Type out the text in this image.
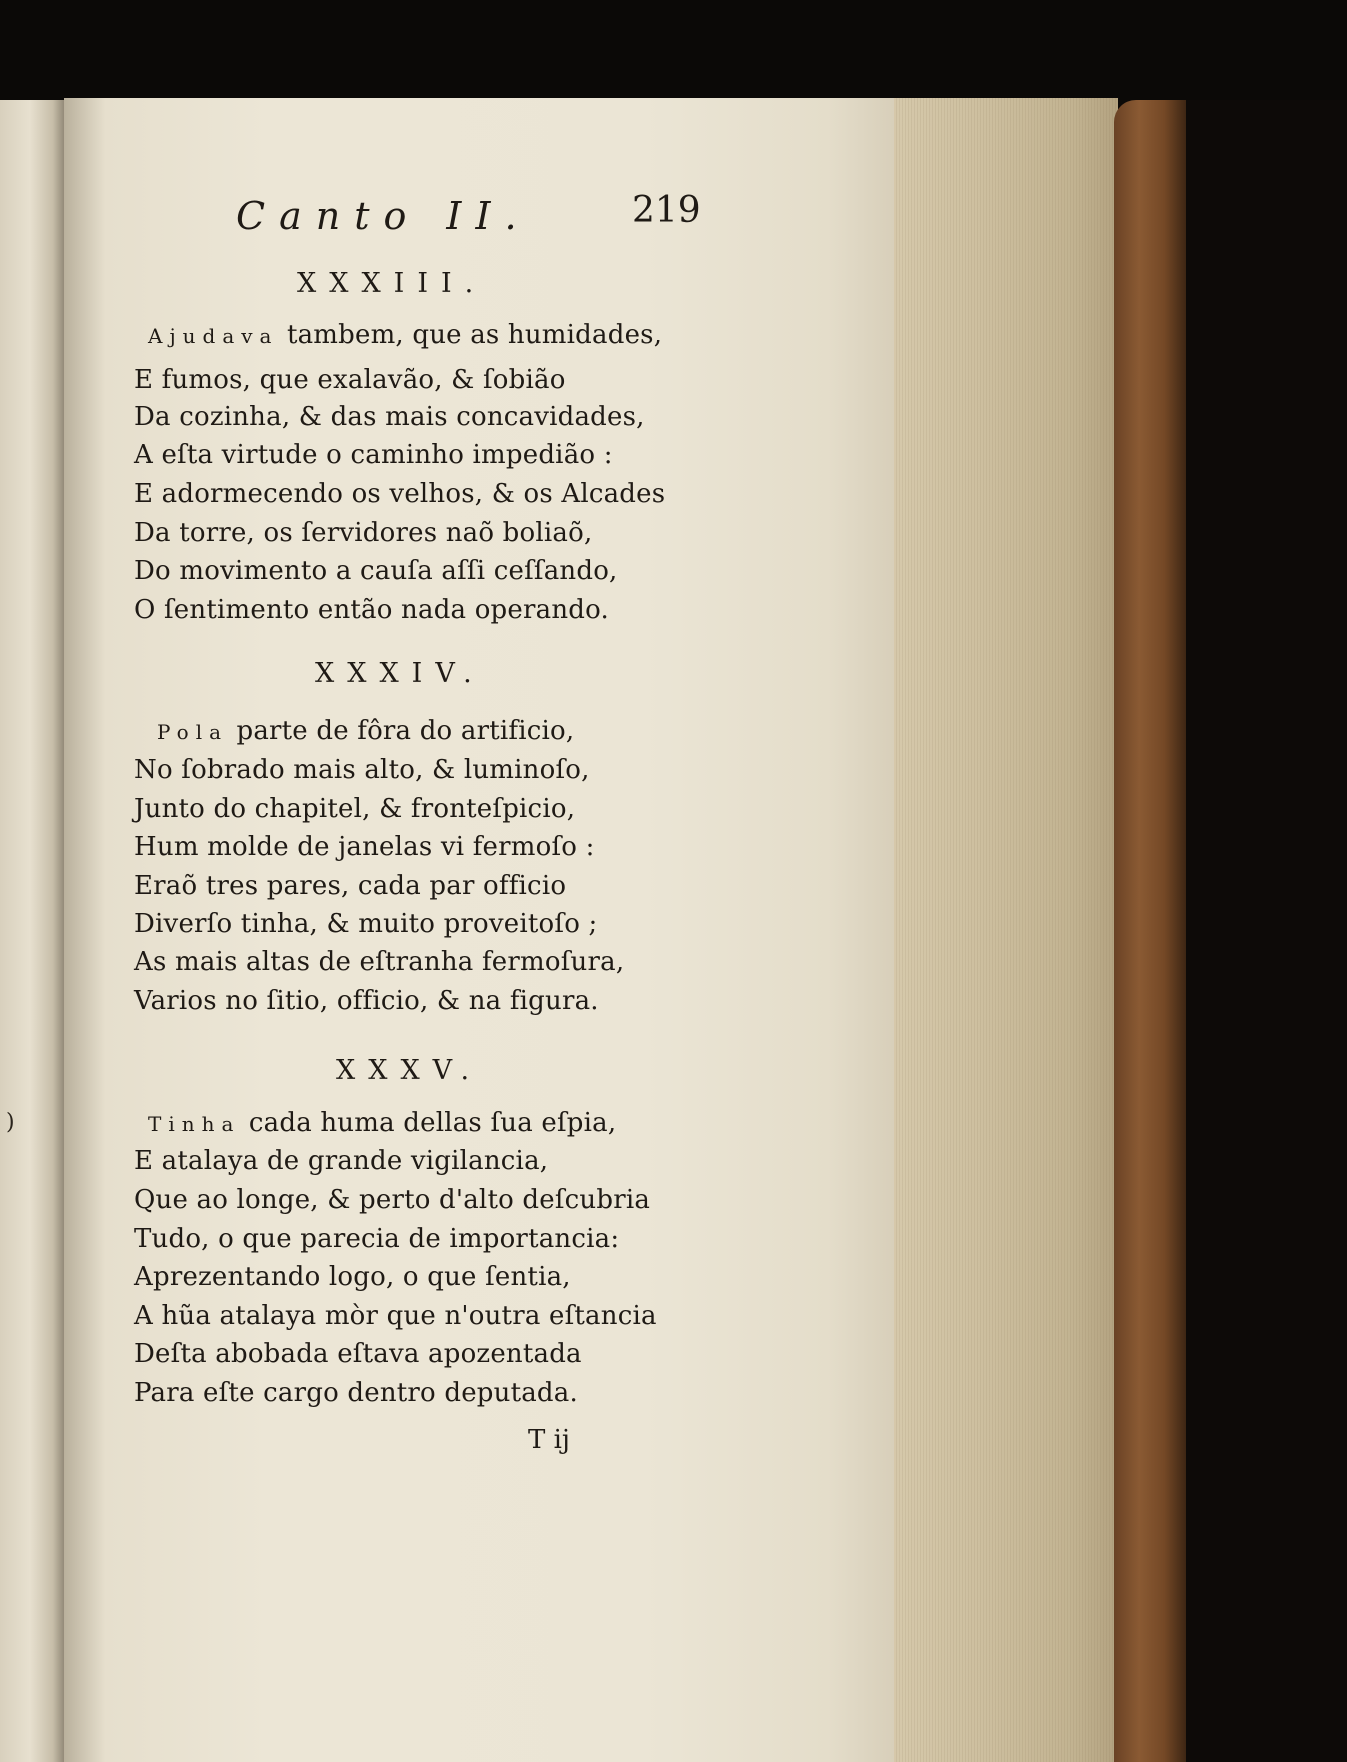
)
Canto II.	219
XXXIII.
Ajudava tambem, que as humidades,
E fumos, que exalavão, & ſobião
Da cozinha, & das mais concavidades,
A eſta virtude o caminho impedião :
E adormecendo os velhos, & os Alcades
Da torre, os ſervidores naõ boliaõ,
Do movimento a cauſa aſſi ceſſando,
O ſentimento então nada operando.
XXXIV.
Pola parte de fôra do artificio,
No ſobrado mais alto, & luminoſo,
Junto do chapitel, & fronteſpicio,
Hum molde de janelas vi fermoſo :
Eraõ tres pares, cada par officio
Diverſo tinha, & muito proveitoſo ;
As mais altas de eſtranha fermoſura,
Varios no ſitio, officio, & na figura.
XXXV.
Tinha cada huma dellas ſua eſpia,
E atalaya de grande vigilancia,
Que ao longe, & perto d'alto deſcubria
Tudo, o que parecia de importancia:
Aprezentando logo, o que ſentia,
A hũa atalaya mòr que n'outra eſtancia
Deſta abobada eſtava apozentada
Para eſte cargo dentro deputada.
T ij
